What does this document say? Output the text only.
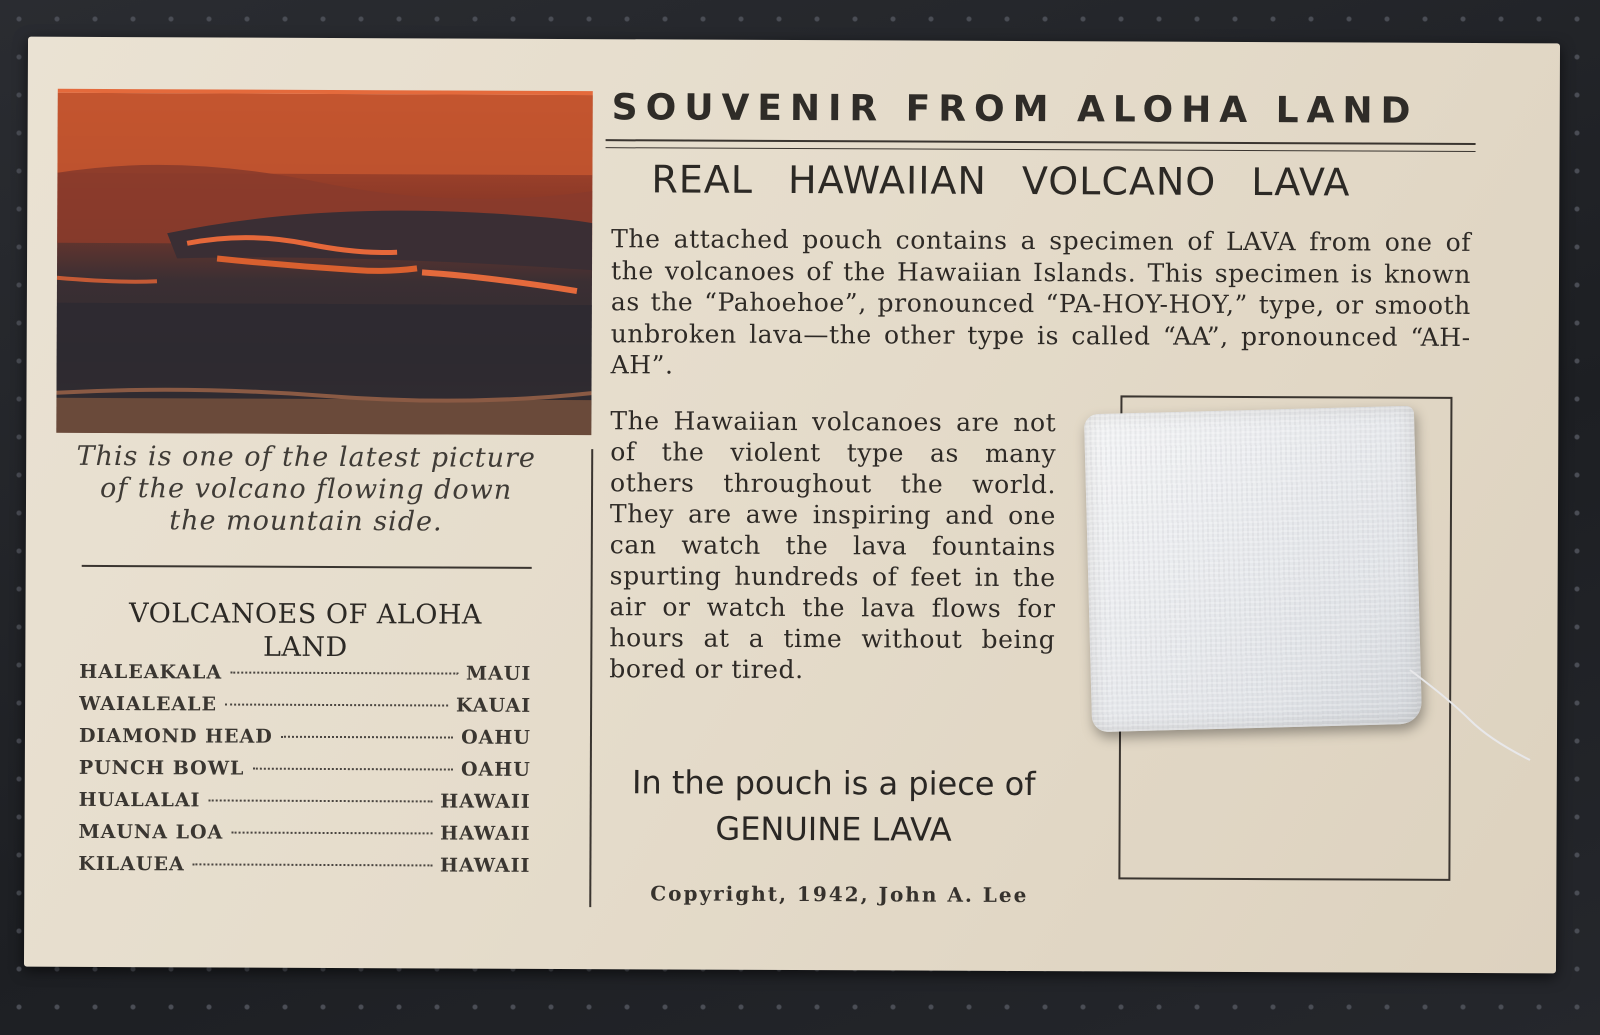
This is one of the latest picture of the volcano flowing down the mountain side.
VOLCANOES OF ALOHA LAND
HALEAKALA	MAUI
WAIALEALE	KAUAI
DIAMOND HEAD	OAHU
PUNCH BOWL	OAHU
HUALALAI	HAWAII
MAUNA LOA	HAWAII
KILAUEA	HAWAII
SOUVENIR FROM ALOHA LAND
REAL HAWAIIAN VOLCANO LAVA
The attached pouch contains a specimen of LAVA from one of the volcanoes of the Hawaiian Islands. This specimen is known as the “Pahoehoe”, pronounced “PA-HOY-HOY,” type, or smooth unbroken lava—the other type is called “AA”, pronounced “AH-AH”.
The Hawaiian volcanoes are not of the violent type as many others throughout the world. They are awe inspiring and one can watch the lava fountains spurting hundreds of feet in the air or watch the lava flows for hours at a time without being bored or tired.
In the pouch is a piece of
GENUINE LAVA
Copyright, 1942, John A. Lee
